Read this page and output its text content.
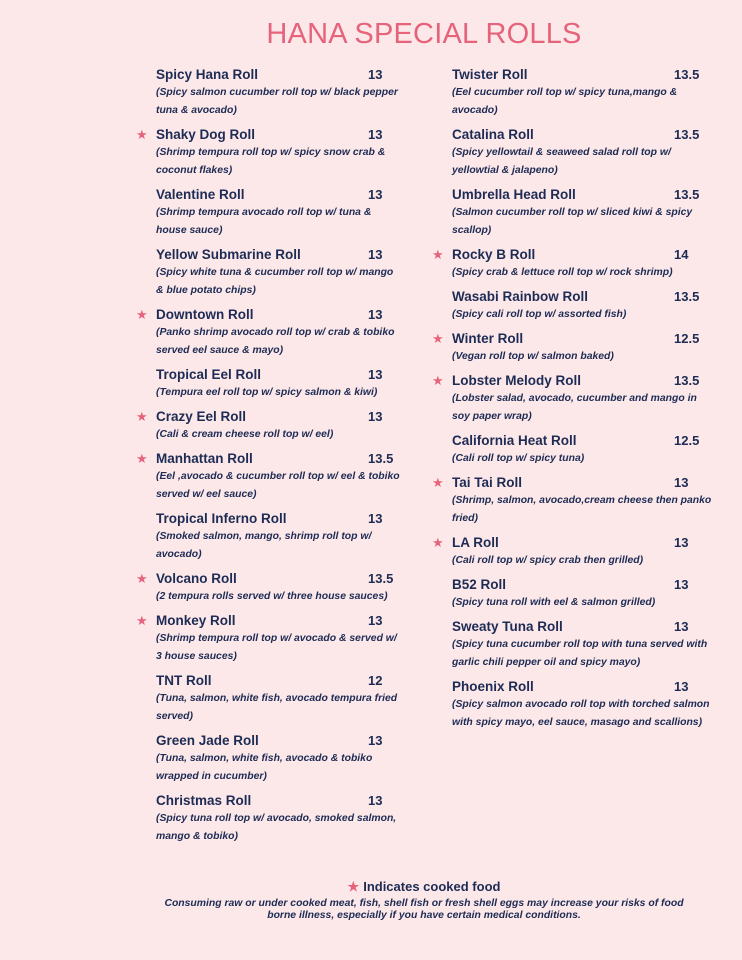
HANA SPECIAL ROLLS
Spicy Hana Roll	13
(Spicy salmon cucumber roll top w/ black pepper tuna & avocado)
★ Shaky Dog Roll	13
(Shrimp tempura roll top w/ spicy snow crab & coconut flakes)
Valentine Roll	13
(Shrimp tempura avocado roll top w/ tuna & house sauce)
Yellow Submarine Roll	13
(Spicy white tuna & cucumber roll top w/ mango & blue potato chips)
★ Downtown Roll	13
(Panko shrimp avocado roll top w/ crab & tobiko served eel sauce & mayo)
Tropical Eel Roll	13
(Tempura eel roll top w/ spicy salmon & kiwi)
★ Crazy Eel Roll	13
(Cali & cream cheese roll top w/ eel)
★ Manhattan Roll	13.5
(Eel ,avocado & cucumber roll top w/ eel & tobiko served w/ eel sauce)
Tropical Inferno Roll	13
(Smoked salmon, mango, shrimp roll top w/ avocado)
★ Volcano Roll	13.5
(2 tempura rolls served w/ three house sauces)
★ Monkey Roll	13
(Shrimp tempura roll top w/ avocado & served w/ 3 house sauces)
TNT Roll	12
(Tuna, salmon, white fish, avocado tempura fried served)
Green Jade Roll	13
(Tuna, salmon, white fish, avocado & tobiko wrapped in cucumber)
Christmas Roll	13
(Spicy tuna roll top w/ avocado, smoked salmon, mango & tobiko)
Twister Roll	13.5
(Eel cucumber roll top w/ spicy tuna,mango & avocado)
Catalina Roll	13.5
(Spicy yellowtail & seaweed salad roll top w/ yellowtial & jalapeno)
Umbrella Head Roll	13.5
(Salmon cucumber roll top w/ sliced kiwi & spicy scallop)
★ Rocky B Roll	14
(Spicy crab & lettuce roll top w/ rock shrimp)
Wasabi Rainbow Roll	13.5
(Spicy cali roll top w/ assorted fish)
★ Winter Roll	12.5
(Vegan roll top w/ salmon baked)
★ Lobster Melody Roll	13.5
(Lobster salad, avocado, cucumber and mango in soy paper wrap)
California Heat Roll	12.5
(Cali roll top w/ spicy tuna)
★ Tai Tai Roll	13
(Shrimp, salmon, avocado,cream cheese then panko fried)
★ LA Roll	13
(Cali roll top w/ spicy crab then grilled)
B52 Roll	13
(Spicy tuna roll with eel & salmon grilled)
Sweaty Tuna Roll	13
(Spicy tuna cucumber roll top with tuna served with garlic chili pepper oil and spicy mayo)
Phoenix Roll	13
(Spicy salmon avocado roll top with torched salmon with spicy mayo, eel sauce, masago and scallions)
★ Indicates cooked food
Consuming raw or under cooked meat, fish, shell fish or fresh shell eggs may increase your risks of food borne illness, especially if you have certain medical conditions.
